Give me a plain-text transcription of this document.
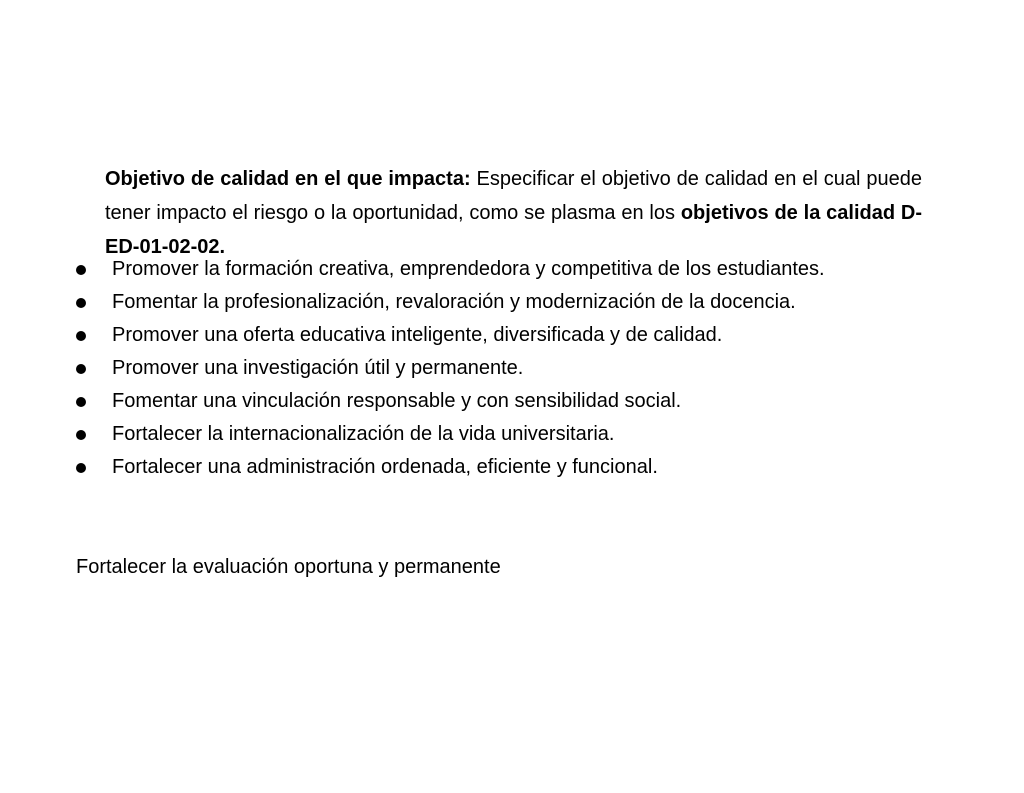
Objetivo de calidad en el que impacta: Especificar el objetivo de calidad en el cual puede tener impacto el riesgo o la oportunidad, como se plasma en los objetivos de la calidad D-ED-01-02-02.

Promover la formación creativa, emprendedora y competitiva de los estudiantes.
Fomentar la profesionalización, revaloración y modernización de la docencia.
Promover una oferta educativa inteligente, diversificada y de calidad.
Promover una investigación útil y permanente.
Fomentar una vinculación responsable y con sensibilidad social.
Fortalecer la internacionalización de la vida universitaria.
Fortalecer una administración ordenada, eficiente y funcional.

Fortalecer la evaluación oportuna y permanente
